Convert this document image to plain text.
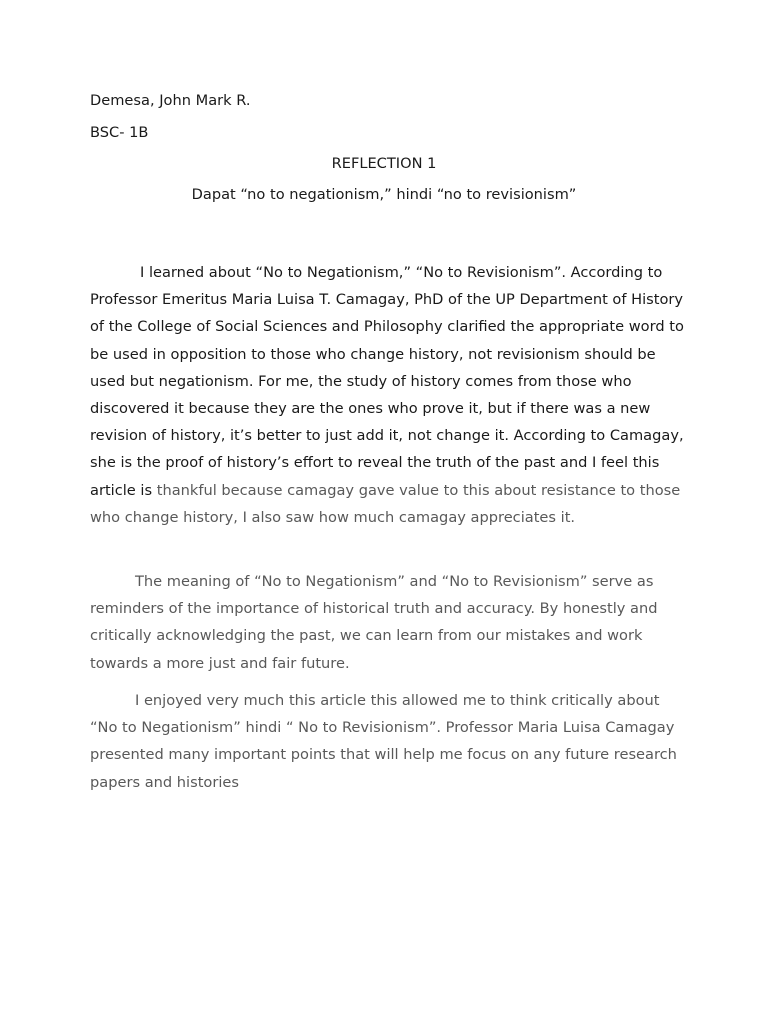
Demesa, John Mark R.
BSC- 1B
REFLECTION 1
Dapat “no to negationism,” hindi “no to revisionism”

I learned about “No to Negationism,” “No to Revisionism”. According to Professor Emeritus Maria Luisa T. Camagay, PhD of the UP Department of History of the College of Social Sciences and Philosophy clarified the appropriate word to be used in opposition to those who change history, not revisionism should be used but negationism. For me, the study of history comes from those who discovered it because they are the ones who prove it, but if there was a new revision of history, it’s better to just add it, not change it. According to Camagay, she is the proof of history’s effort to reveal the truth of the past and I feel this article is thankful because camagay gave value to this about resistance to those who change history, I also saw how much camagay appreciates it.

The meaning of “No to Negationism” and “No to Revisionism” serve as reminders of the importance of historical truth and accuracy. By honestly and critically acknowledging the past, we can learn from our mistakes and work towards a more just and fair future.

I enjoyed very much this article this allowed me to think critically about “No to Negationism” hindi “ No to Revisionism”. Professor Maria Luisa Camagay presented many important points that will help me focus on any future research papers and histories
